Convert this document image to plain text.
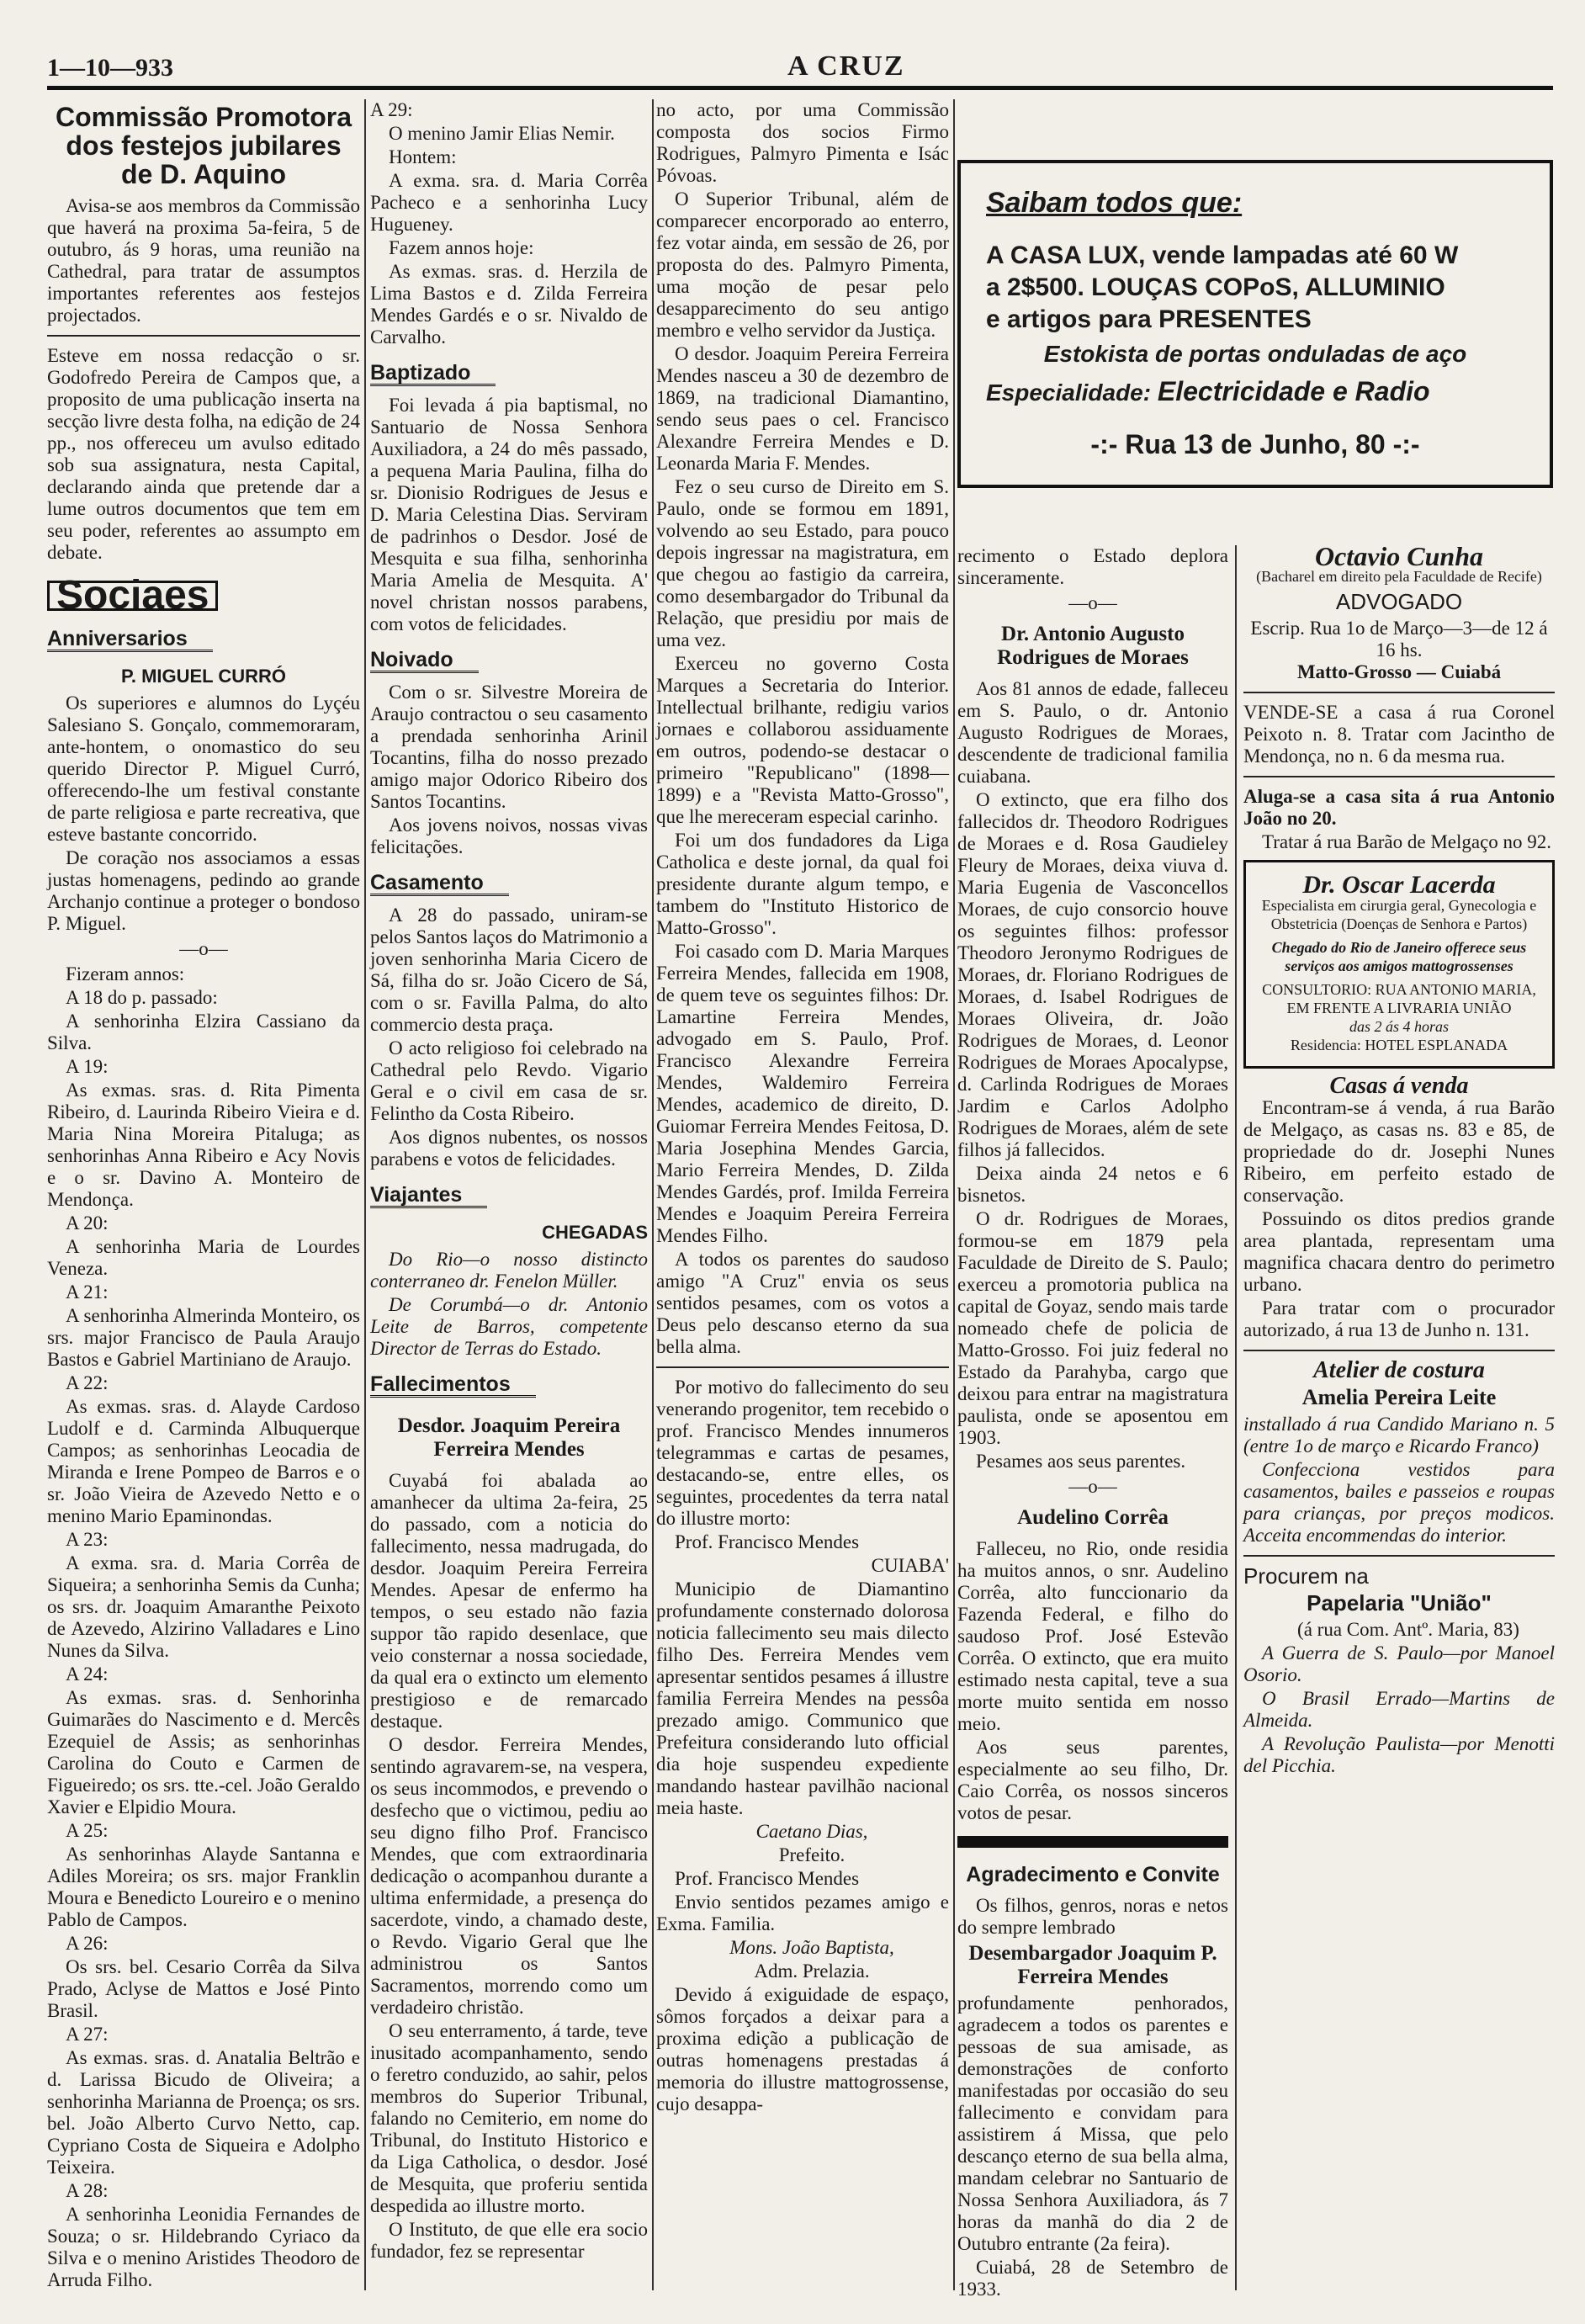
1—10—933	A CRUZ
Commissão Promotora dos festejos jubilares de D. Aquino

Avisa-se aos membros da Commissão que haverá na proxima 5a-feira, 5 de outubro, ás 9 horas, uma reunião na Cathedral, para tratar de assumptos importantes referentes aos festejos projectados.

Esteve em nossa redacção o sr. Godofredo Pereira de Campos que, a proposito de uma publicação inserta na secção livre desta folha, na edição de 24 pp., nos offereceu um avulso editado sob sua assignatura, nesta Capital, declarando ainda que pretende dar a lume outros documentos que tem em seu poder, referentes ao assumpto em debate.

Sociaes
Anniversarios
P. MIGUEL CURRÓ

Os superiores e alumnos do Lyçéu Salesiano S. Gonçalo, commemoraram, ante-hontem, o onomastico do seu querido Director P. Miguel Curró, offerecendo-lhe um festival constante de parte religiosa e parte recreativa, que esteve bastante concorrido.

De coração nos associamos a essas justas homenagens, pedindo ao grande Archanjo continue a proteger o bondoso P. Miguel.

—o—

Fizeram annos:

A 18 do p. passado:

A senhorinha Elzira Cassiano da Silva.

A 19:

As exmas. sras. d. Rita Pimenta Ribeiro, d. Laurinda Ribeiro Vieira e d. Maria Nina Moreira Pitaluga; as senhorinhas Anna Ribeiro e Acy Novis e o sr. Davino A. Monteiro de Mendonça.

A 20:

A senhorinha Maria de Lourdes Veneza.

A 21:

A senhorinha Almerinda Monteiro, os srs. major Francisco de Paula Araujo Bastos e Gabriel Martiniano de Araujo.

A 22:

As exmas. sras. d. Alayde Cardoso Ludolf e d. Carminda Albuquerque Campos; as senhorinhas Leocadia de Miranda e Irene Pompeo de Barros e o sr. João Vieira de Azevedo Netto e o menino Mario Epaminondas.

A 23:

A exma. sra. d. Maria Corrêa de Siqueira; a senhorinha Semis da Cunha; os srs. dr. Joaquim Amaranthe Peixoto de Azevedo, Alzirino Valladares e Lino Nunes da Silva.

A 24:

As exmas. sras. d. Senhorinha Guimarães do Nascimento e d. Mercês Ezequiel de Assis; as senhorinhas Carolina do Couto e Carmen de Figueiredo; os srs. tte.-cel. João Geraldo Xavier e Elpidio Moura.

A 25:

As senhorinhas Alayde Santanna e Adiles Moreira; os srs. major Franklin Moura e Benedicto Loureiro e o menino Pablo de Campos.

A 26:

Os srs. bel. Cesario Corrêa da Silva Prado, Aclyse de Mattos e José Pinto Brasil.

A 27:

As exmas. sras. d. Anatalia Beltrão e d. Larissa Bicudo de Oliveira; a senhorinha Marianna de Proença; os srs. bel. João Alberto Curvo Netto, cap. Cypriano Costa de Siqueira e Adolpho Teixeira.

A 28:

A senhorinha Leonidia Fernandes de Souza; o sr. Hildebrando Cyriaco da Silva e o menino Aristides Theodoro de Arruda Filho.

A 29:

O menino Jamir Elias Nemir.

Hontem:

A exma. sra. d. Maria Corrêa Pacheco e a senhorinha Lucy Hugueney.

Fazem annos hoje:

As exmas. sras. d. Herzila de Lima Bastos e d. Zilda Ferreira Mendes Gardés e o sr. Nivaldo de Carvalho.

Baptizado

Foi levada á pia baptismal, no Santuario de Nossa Senhora Auxiliadora, a 24 do mês passado, a pequena Maria Paulina, filha do sr. Dionisio Rodrigues de Jesus e D. Maria Celestina Dias. Serviram de padrinhos o Desdor. José de Mesquita e sua filha, senhorinha Maria Amelia de Mesquita. A' novel christan nossos parabens, com votos de felicidades.

Noivado

Com o sr. Silvestre Moreira de Araujo contractou o seu casamento a prendada senhorinha Arinil Tocantins, filha do nosso prezado amigo major Odorico Ribeiro dos Santos Tocantins.

Aos jovens noivos, nossas vivas felicitações.

Casamento

A 28 do passado, uniram-se pelos Santos laços do Matrimonio a joven senhorinha Maria Cicero de Sá, filha do sr. João Cicero de Sá, com o sr. Favilla Palma, do alto commercio desta praça.

O acto religioso foi celebrado na Cathedral pelo Revdo. Vigario Geral e o civil em casa de sr. Felintho da Costa Ribeiro.

Aos dignos nubentes, os nossos parabens e votos de felicidades.

Viajantes
CHEGADAS

Do Rio—o nosso distincto conterraneo dr. Fenelon Müller.

De Corumbá—o dr. Antonio Leite de Barros, competente Director de Terras do Estado.

Fallecimentos
Desdor. Joaquim Pereira Ferreira Mendes

Cuyabá foi abalada ao amanhecer da ultima 2a-feira, 25 do passado, com a noticia do fallecimento, nessa madrugada, do desdor. Joaquim Pereira Ferreira Mendes. Apesar de enfermo ha tempos, o seu estado não fazia suppor tão rapido desenlace, que veio consternar a nossa sociedade, da qual era o extincto um elemento prestigioso e de remarcado destaque.

O desdor. Ferreira Mendes, sentindo agravarem-se, na vespera, os seus incommodos, e prevendo o desfecho que o victimou, pediu ao seu digno filho Prof. Francisco Mendes, que com extraordinaria dedicação o acompanhou durante a ultima enfermidade, a presença do sacerdote, vindo, a chamado deste, o Revdo. Vigario Geral que lhe administrou os Santos Sacramentos, morrendo como um verdadeiro christão.

O seu enterramento, á tarde, teve inusitado acompanhamento, sendo o feretro conduzido, ao sahir, pelos membros do Superior Tribunal, falando no Cemiterio, em nome do Tribunal, do Instituto Historico e da Liga Catholica, o desdor. José de Mesquita, que proferiu sentida despedida ao illustre morto.

O Instituto, de que elle era socio fundador, fez se representar

no acto, por uma Commissão composta dos socios Firmo Rodrigues, Palmyro Pimenta e Isác Póvoas.

O Superior Tribunal, além de comparecer encorporado ao enterro, fez votar ainda, em sessão de 26, por proposta do des. Palmyro Pimenta, uma moção de pesar pelo desapparecimento do seu antigo membro e velho servidor da Justiça.

O desdor. Joaquim Pereira Ferreira Mendes nasceu a 30 de dezembro de 1869, na tradicional Diamantino, sendo seus paes o cel. Francisco Alexandre Ferreira Mendes e D. Leonarda Maria F. Mendes.

Fez o seu curso de Direito em S. Paulo, onde se formou em 1891, volvendo ao seu Estado, para pouco depois ingressar na magistratura, em que chegou ao fastigio da carreira, como desembargador do Tribunal da Relação, que presidiu por mais de uma vez.

Exerceu no governo Costa Marques a Secretaria do Interior. Intellectual brilhante, redigiu varios jornaes e collaborou assiduamente em outros, podendo-se destacar o primeiro "Republicano" (1898—1899) e a "Revista Matto-Grosso", que lhe mereceram especial carinho.

Foi um dos fundadores da Liga Catholica e deste jornal, da qual foi presidente durante algum tempo, e tambem do "Instituto Historico de Matto-Grosso".

Foi casado com D. Maria Marques Ferreira Mendes, fallecida em 1908, de quem teve os seguintes filhos: Dr. Lamartine Ferreira Mendes, advogado em S. Paulo, Prof. Francisco Alexandre Ferreira Mendes, Waldemiro Ferreira Mendes, academico de direito, D. Guiomar Ferreira Mendes Feitosa, D. Maria Josephina Mendes Garcia, Mario Ferreira Mendes, D. Zilda Mendes Gardés, prof. Imilda Ferreira Mendes e Joaquim Pereira Ferreira Mendes Filho.

A todos os parentes do saudoso amigo "A Cruz" envia os seus sentidos pesames, com os votos a Deus pelo descanso eterno da sua bella alma.

Por motivo do fallecimento do seu venerando progenitor, tem recebido o prof. Francisco Mendes innumeros telegrammas e cartas de pesames, destacando-se, entre elles, os seguintes, procedentes da terra natal do illustre morto:

Prof. Francisco Mendes

CUIABA'

Municipio de Diamantino profundamente consternado dolorosa noticia fallecimento seu mais dilecto filho Des. Ferreira Mendes vem apresentar sentidos pesames á illustre familia Ferreira Mendes na pessôa prezado amigo. Communico que Prefeitura considerando luto official dia hoje suspendeu expediente mandando hastear pavilhão nacional meia haste.

Caetano Dias,

Prefeito.

Prof. Francisco Mendes

Envio sentidos pezames amigo e Exma. Familia.

Mons. João Baptista,

Adm. Prelazia.

Devido á exiguidade de espaço, sômos forçados a deixar para a proxima edição a publicação de outras homenagens prestadas á memoria do illustre mattogrossense, cujo desappa-

Saibam todos que:
A CASA LUX, vende lampadas até 60 W
a 2$500. LOUÇAS COPoS, ALLUMINIO
e artigos para PRESENTES
Estokista de portas onduladas de aço
Especialidade: Electricidade e Radio
-:- Rua 13 de Junho, 80 -:-

recimento o Estado deplora sinceramente.

—o—
Dr. Antonio Augusto Rodrigues de Moraes

Aos 81 annos de edade, falleceu em S. Paulo, o dr. Antonio Augusto Rodrigues de Moraes, descendente de tradicional familia cuiabana.

O extincto, que era filho dos fallecidos dr. Theodoro Rodrigues de Moraes e d. Rosa Gaudieley Fleury de Moraes, deixa viuva d. Maria Eugenia de Vasconcellos Moraes, de cujo consorcio houve os seguintes filhos: professor Theodoro Jeronymo Rodrigues de Moraes, dr. Floriano Rodrigues de Moraes, d. Isabel Rodrigues de Moraes Oliveira, dr. João Rodrigues de Moraes, d. Leonor Rodrigues de Moraes Apocalypse, d. Carlinda Rodrigues de Moraes Jardim e Carlos Adolpho Rodrigues de Moraes, além de sete filhos já fallecidos.

Deixa ainda 24 netos e 6 bisnetos.

O dr. Rodrigues de Moraes, formou-se em 1879 pela Faculdade de Direito de S. Paulo; exerceu a promotoria publica na capital de Goyaz, sendo mais tarde nomeado chefe de policia de Matto-Grosso. Foi juiz federal no Estado da Parahyba, cargo que deixou para entrar na magistratura paulista, onde se aposentou em 1903.

Pesames aos seus parentes.

—o—
Audelino Corrêa

Falleceu, no Rio, onde residia ha muitos annos, o snr. Audelino Corrêa, alto funccionario da Fazenda Federal, e filho do saudoso Prof. José Estevão Corrêa. O extincto, que era muito estimado nesta capital, teve a sua morte muito sentida em nosso meio.

Aos seus parentes, especialmente ao seu filho, Dr. Caio Corrêa, os nossos sinceros votos de pesar.

Agradecimento e Convite

Os filhos, genros, noras e netos do sempre lembrado

Desembargador Joaquim P. Ferreira Mendes

profundamente penhorados, agradecem a todos os parentes e pessoas de sua amisade, as demonstrações de conforto manifestadas por occasião do seu fallecimento e convidam para assistirem á Missa, que pelo descanço eterno de sua bella alma, mandam celebrar no Santuario de Nossa Senhora Auxiliadora, ás 7 horas da manhã do dia 2 de Outubro entrante (2a feira).

Cuiabá, 28 de Setembro de 1933.

Octavio Cunha
(Bacharel em direito pela Faculdade de Recife)
ADVOGADO
Escrip. Rua 1o de Março—3—de 12 á 16 hs.
Matto-Grosso — Cuiabá

VENDE-SE a casa á rua Coronel Peixoto n. 8. Tratar com Jacintho de Mendonça, no n. 6 da mesma rua.

Aluga-se a casa sita á rua Antonio João no 20.

Tratar á rua Barão de Melgaço no 92.

Dr. Oscar Lacerda
Especialista em cirurgia geral, Gynecologia e Obstetricia (Doenças de Senhora e Partos)
Chegado do Rio de Janeiro offerece seus serviços aos amigos mattogrossenses
CONSULTORIO: RUA ANTONIO MARIA, EM FRENTE A LIVRARIA UNIÃO
das 2 ás 4 horas
Residencia: HOTEL ESPLANADA
Casas á venda

Encontram-se á venda, á rua Barão de Melgaço, as casas ns. 83 e 85, de propriedade do dr. Josephi Nunes Ribeiro, em perfeito estado de conservação.

Possuindo os ditos predios grande area plantada, representam uma magnifica chacara dentro do perimetro urbano.

Para tratar com o procurador autorizado, á rua 13 de Junho n. 131.

Atelier de costura
Amelia Pereira Leite

installado á rua Candido Mariano n. 5 (entre 1o de março e Ricardo Franco)

Confecciona vestidos para casamentos, bailes e passeios e roupas para crianças, por preços modicos. Acceita encommendas do interior.

Procurem na

Papelaria "União"

(á rua Com. Antº. Maria, 83)

A Guerra de S. Paulo—por Manoel Osorio.

O Brasil Errado—Martins de Almeida.

A Revolução Paulista—por Menotti del Picchia.
